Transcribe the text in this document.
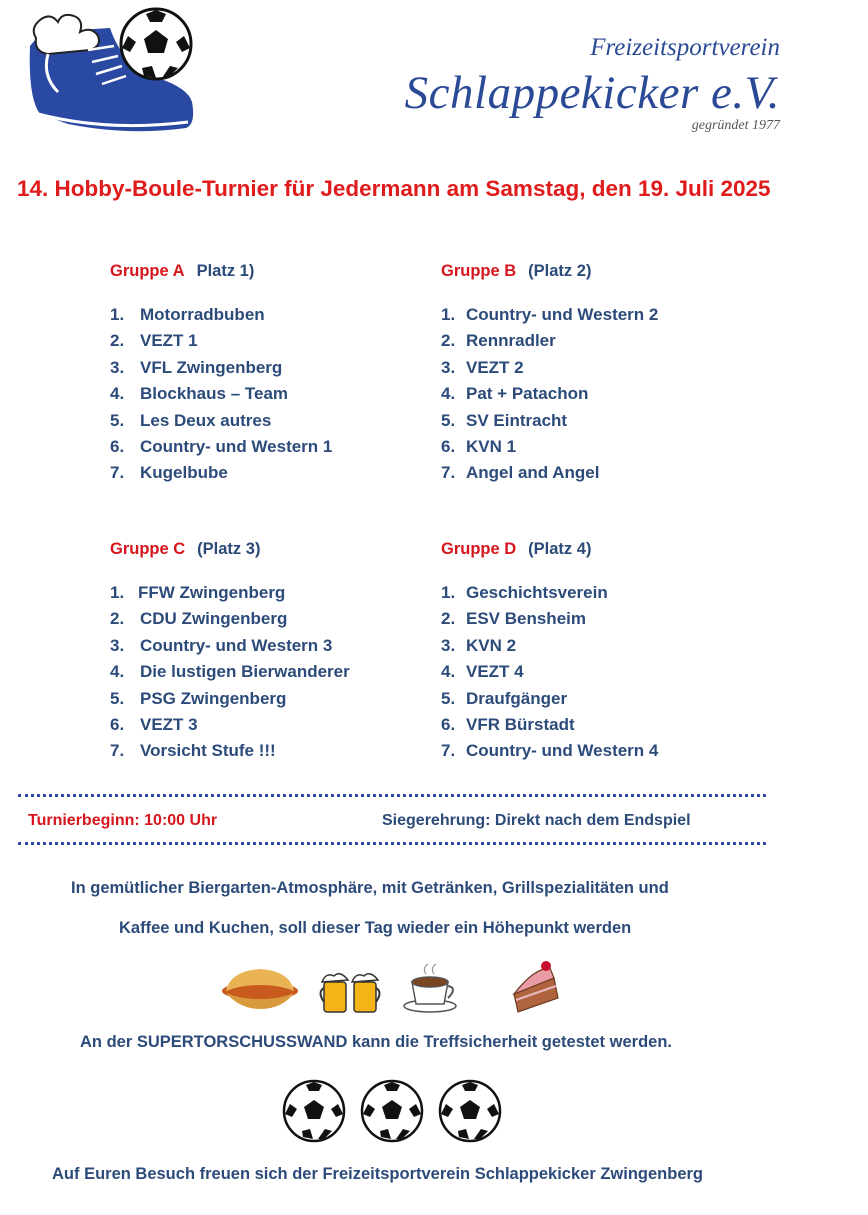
Freizeitsportverein
Schlappekicker e.V.
gegründet 1977
14. Hobby-Boule-Turnier für Jedermann am Samstag, den 19. Juli 2025
Gruppe A Platz 1)
1. Motorradbuben
2. VEZT 1
3. VFL Zwingenberg
4. Blockhaus – Team
5. Les Deux autres
6. Country- und Western 1
7. Kugelbube
Gruppe B (Platz 2)
1. Country- und Western 2
2. Rennradler
3. VEZT 2
4. Pat + Patachon
5. SV Eintracht
6. KVN 1
7. Angel and Angel
Gruppe C (Platz 3)
1. FFW Zwingenberg
2. CDU Zwingenberg
3. Country- und Western 3
4. Die lustigen Bierwanderer
5. PSG Zwingenberg
6. VEZT 3
7. Vorsicht Stufe !!!
Gruppe D (Platz 4)
1. Geschichtsverein
2. ESV Bensheim
3. KVN 2
4. VEZT 4
5. Draufgänger
6. VFR Bürstadt
7. Country- und Western 4
Turnierbeginn: 10:00 Uhr	Siegerehrung: Direkt nach dem Endspiel
In gemütlicher Biergarten-Atmosphäre, mit Getränken, Grillspezialitäten und
Kaffee und Kuchen, soll dieser Tag wieder ein Höhepunkt werden
An der SUPERTORSCHUSSWAND kann die Treffsicherheit getestet werden.
Auf Euren Besuch freuen sich der Freizeitsportverein Schlappekicker Zwingenberg
